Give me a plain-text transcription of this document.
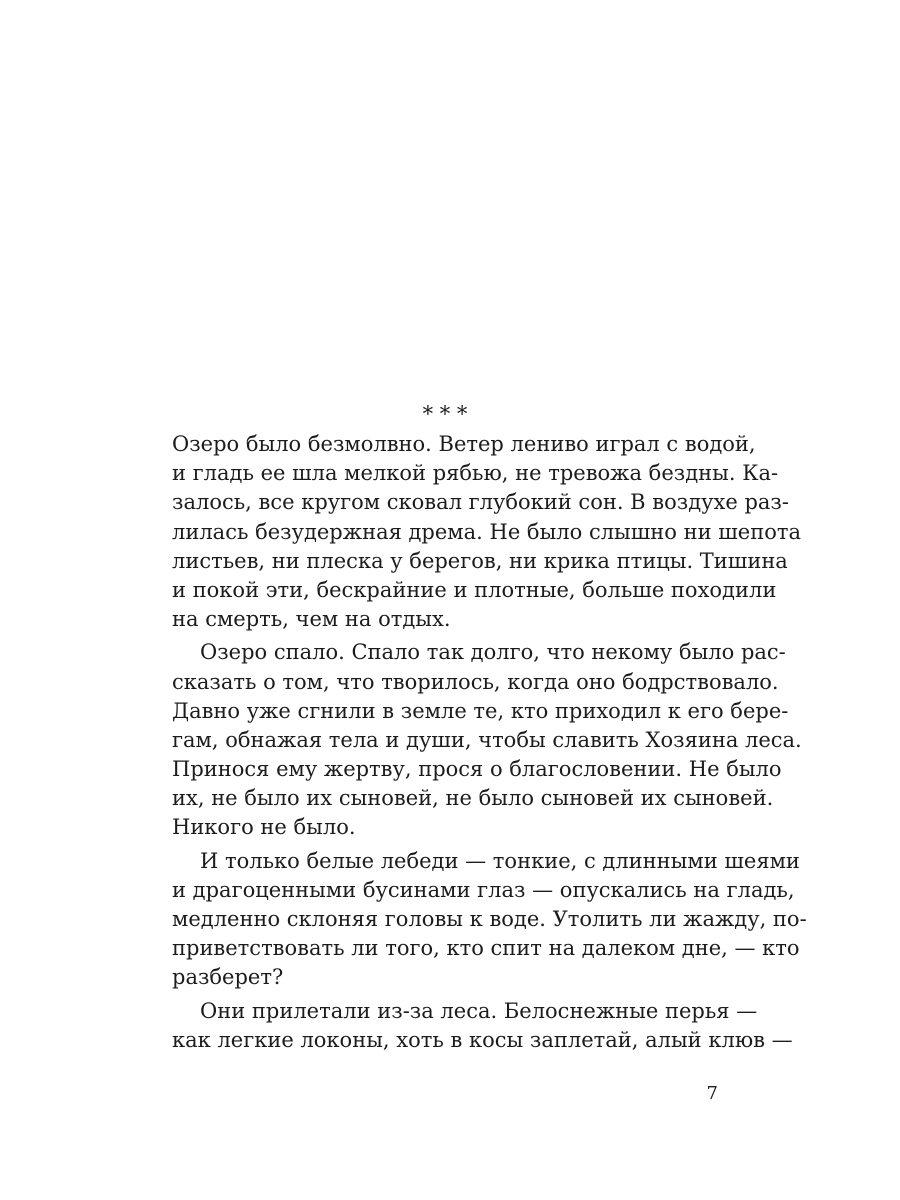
* * *

Озеро было безмолвно. Ветер лениво играл с водой,
и гладь ее шла мелкой рябью, не тревожа бездны. Ка-
залось, все кругом сковал глубокий сон. В воздухе раз-
лилась безудержная дрема. Не было слышно ни шепота
листьев, ни плеска у берегов, ни крика птицы. Тишина
и покой эти, бескрайние и плотные, больше походили
на смерть, чем на отдых.

Озеро спало. Спало так долго, что некому было рас-
сказать о том, что творилось, когда оно бодрствовало.
Давно уже сгнили в земле те, кто приходил к его бере-
гам, обнажая тела и души, чтобы славить Хозяина леса.
Принося ему жертву, прося о благословении. Не было
их, не было их сыновей, не было сыновей их сыновей.
Никого не было.

И только белые лебеди — тонкие, с длинными шеями
и драгоценными бусинами глаз — опускались на гладь,
медленно склоняя головы к воде. Утолить ли жажду, по-
приветствовать ли того, кто спит на далеком дне, — кто
разберет?

Они прилетали из-за леса. Белоснежные перья —
как легкие локоны, хоть в косы заплетай, алый клюв —

7
